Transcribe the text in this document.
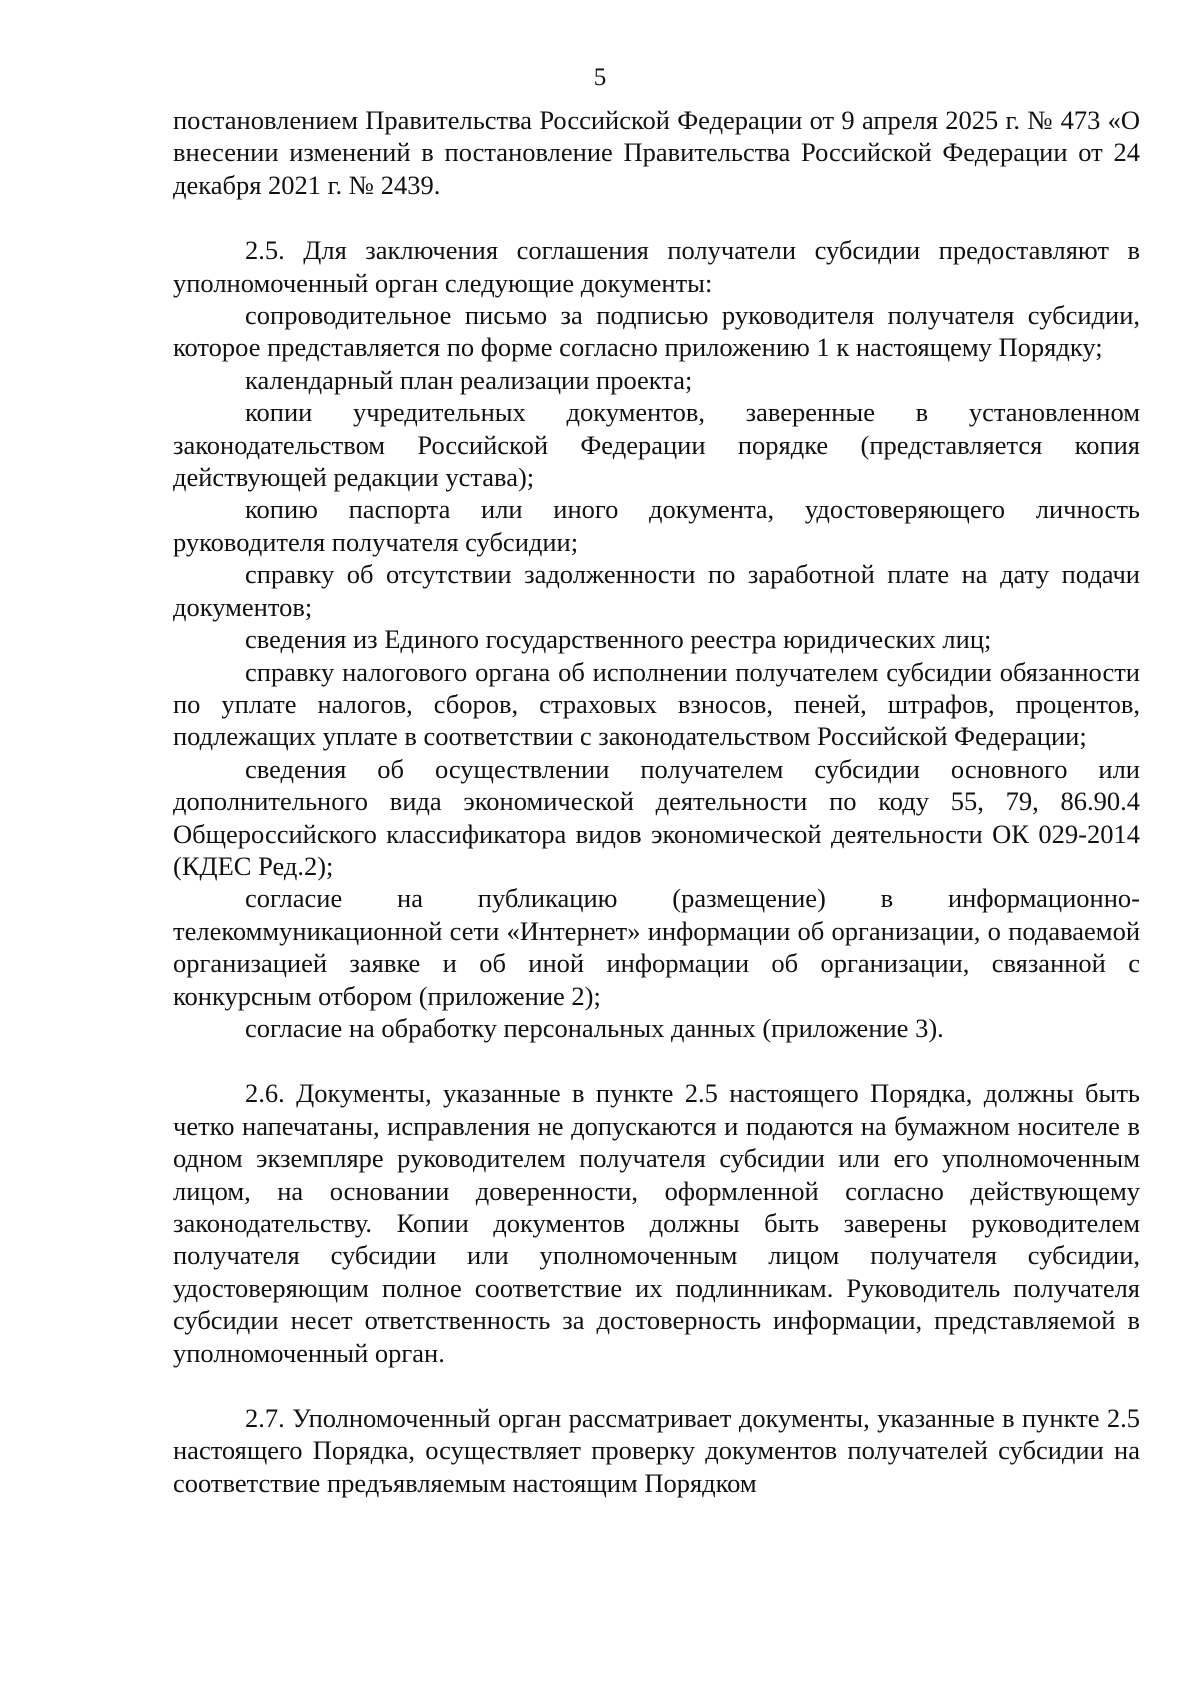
5

постановлением Правительства Российской Федерации от 9 апреля 2025 г. № 473 «О внесении изменений в постановление Правительства Российской Федерации от 24 декабря 2021 г. № 2439.

2.5. Для заключения соглашения получатели субсидии предоставляют в уполномоченный орган следующие документы:

сопроводительное письмо за подписью руководителя получателя субсидии, которое представляется по форме согласно приложению 1 к настоящему Порядку;

календарный план реализации проекта;

копии учредительных документов, заверенные в установленном законодательством Российской Федерации порядке (представляется копия действующей редакции устава);

копию паспорта или иного документа, удостоверяющего личность руководителя получателя субсидии;

справку об отсутствии задолженности по заработной плате на дату подачи документов;

сведения из Единого государственного реестра юридических лиц;

справку налогового органа об исполнении получателем субсидии обязанности по уплате налогов, сборов, страховых взносов, пеней, штрафов, процентов, подлежащих уплате в соответствии с законодательством Российской Федерации;

сведения об осуществлении получателем субсидии основного или дополнительного вида экономической деятельности по коду 55, 79, 86.90.4 Общероссийского классификатора видов экономической деятельности ОК 029-2014 (КДЕС Ред.2);

согласие на публикацию (размещение) в информационно-телекоммуникационной сети «Интернет» информации об организации, о подаваемой организацией заявке и об иной информации об организации, связанной с конкурсным отбором (приложение 2);

согласие на обработку персональных данных (приложение 3).

2.6. Документы, указанные в пункте 2.5 настоящего Порядка, должны быть четко напечатаны, исправления не допускаются и подаются на бумажном носителе в одном экземпляре руководителем получателя субсидии или его уполномоченным лицом, на основании доверенности, оформленной согласно действующему законодательству. Копии документов должны быть заверены руководителем получателя субсидии или уполномоченным лицом получателя субсидии, удостоверяющим полное соответствие их подлинникам. Руководитель получателя субсидии несет ответственность за достоверность информации, представляемой в уполномоченный орган.

2.7. Уполномоченный орган рассматривает документы, указанные в пункте 2.5 настоящего Порядка, осуществляет проверку документов получателей субсидии на соответствие предъявляемым настоящим Порядком
